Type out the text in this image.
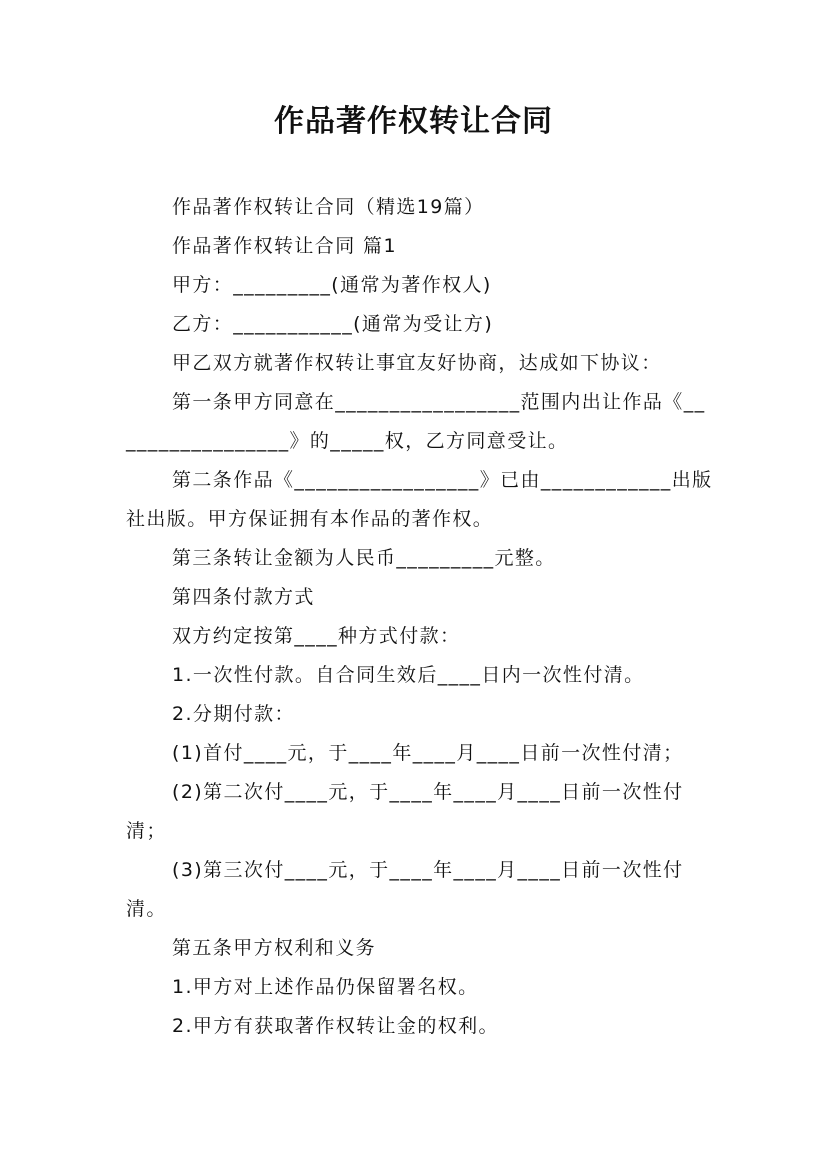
作品著作权转让合同

作品著作权转让合同（精选19篇）

作品著作权转让合同 篇1

甲方：_________(通常为著作权人)

乙方：___________(通常为受让方)

甲乙双方就著作权转让事宜友好协商，达成如下协议：

第一条甲方同意在_________________范围内出让作品《_________________》的_____权，乙方同意受让。

第二条作品《_________________》已由____________出版社出版。甲方保证拥有本作品的著作权。

第三条转让金额为人民币_________元整。

第四条付款方式

双方约定按第____种方式付款：

1.一次性付款。自合同生效后____日内一次性付清。

2.分期付款：

(1)首付____元，于____年____月____日前一次性付清；

(2)第二次付____元，于____年____月____日前一次性付清；

(3)第三次付____元，于____年____月____日前一次性付清。

第五条甲方权利和义务

1.甲方对上述作品仍保留署名权。

2.甲方有获取著作权转让金的权利。
